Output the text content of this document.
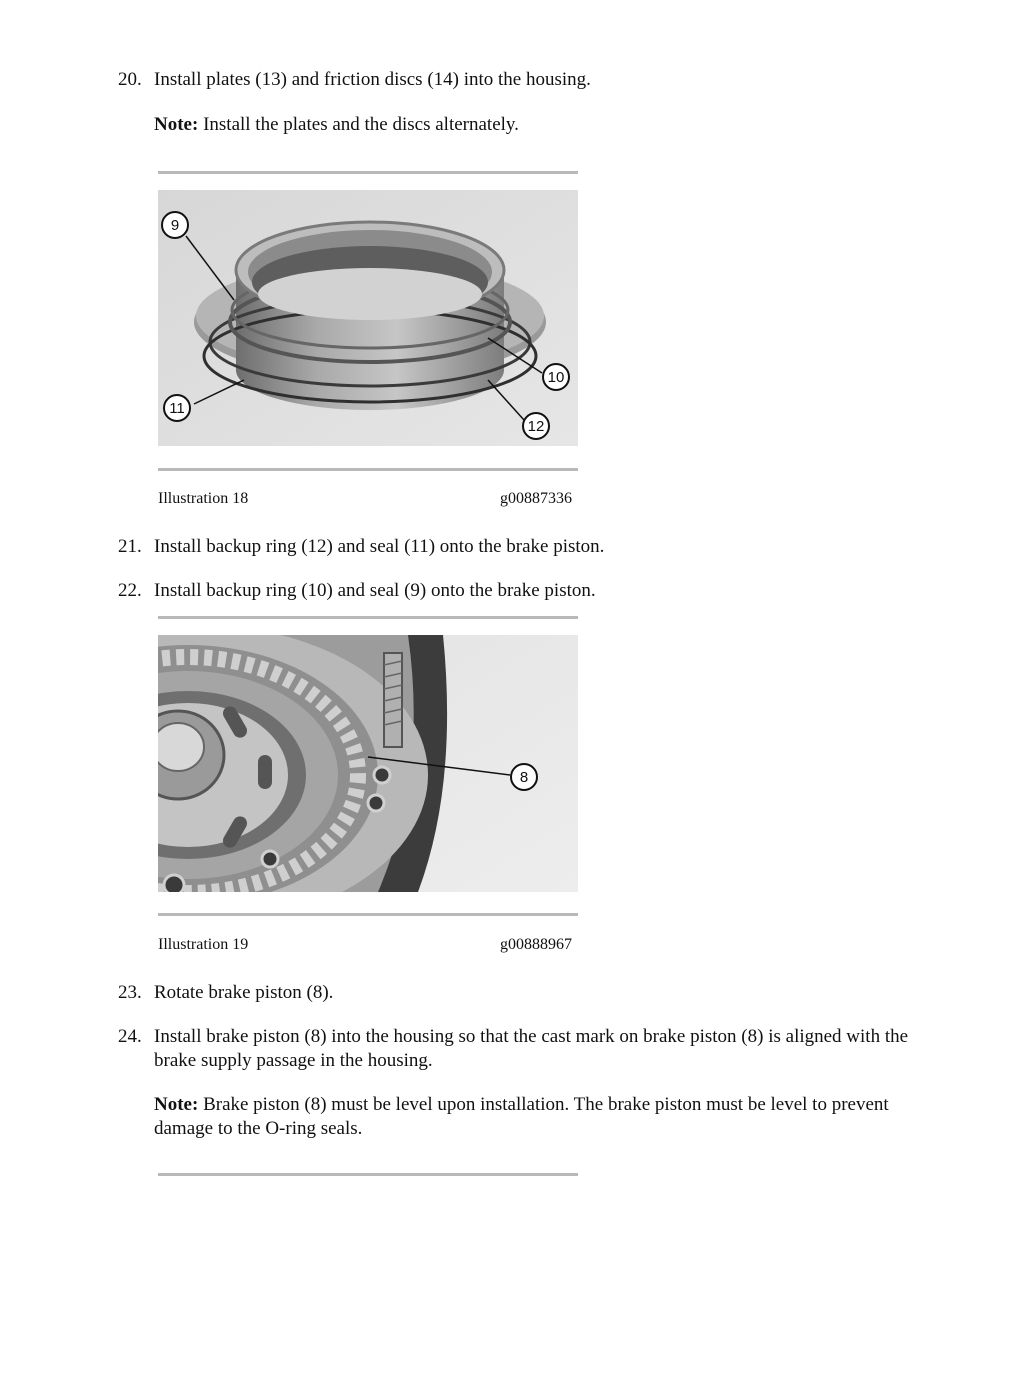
20. Install plates (13) and friction discs (14) into the housing.
Note: Install the plates and the discs alternately.
9
10
11
12
Illustration 18	g00887336
21. Install backup ring (12) and seal (11) onto the brake piston.
22. Install backup ring (10) and seal (9) onto the brake piston.
8
Illustration 19	g00888967
23. Rotate brake piston (8).
24. Install brake piston (8) into the housing so that the cast mark on brake piston (8) is aligned with the brake supply passage in the housing.
Note: Brake piston (8) must be level upon installation. The brake piston must be level to prevent damage to the O-ring seals.
